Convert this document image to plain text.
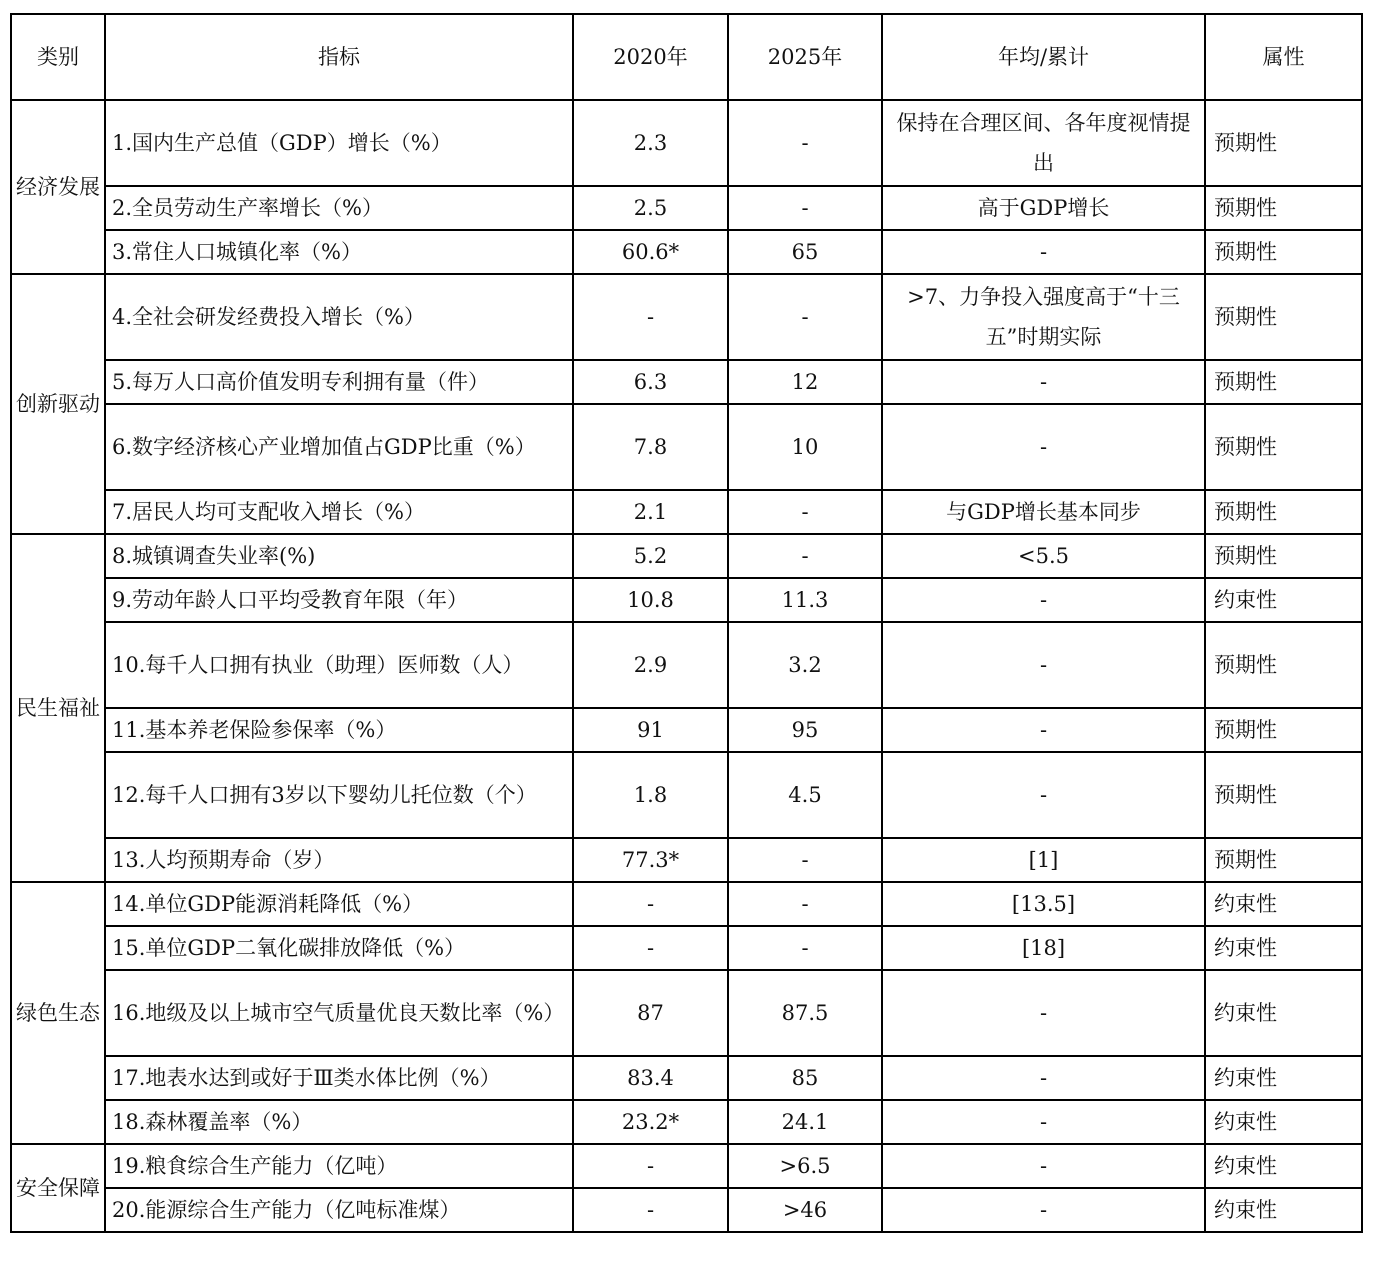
类别	指标	2020年	2025年	年均/累计	属性
经济发展	1.国内生产总值（GDP）增长（%）	2.3	-	保持在合理区间、各年度视情提出	预期性
	2.全员劳动生产率增长（%）	2.5	-	高于GDP增长	预期性
	3.常住人口城镇化率（%）	60.6*	65	-	预期性
创新驱动	4.全社会研发经费投入增长（%）	-	-	>7、力争投入强度高于“十三五”时期实际	预期性
	5.每万人口高价值发明专利拥有量（件）	6.3	12	-	预期性
	6.数字经济核心产业增加值占GDP比重（%）	7.8	10	-	预期性
	7.居民人均可支配收入增长（%）	2.1	-	与GDP增长基本同步	预期性
民生福祉	8.城镇调查失业率(%)	5.2	-	<5.5	预期性
	9.劳动年龄人口平均受教育年限（年）	10.8	11.3	-	约束性
	10.每千人口拥有执业（助理）医师数（人）	2.9	3.2	-	预期性
	11.基本养老保险参保率（%）	91	95	-	预期性
	12.每千人口拥有3岁以下婴幼儿托位数（个）	1.8	4.5	-	预期性
	13.人均预期寿命（岁）	77.3*	-	[1]	预期性
绿色生态	14.单位GDP能源消耗降低（%）	-	-	[13.5]	约束性
	15.单位GDP二氧化碳排放降低（%）	-	-	[18]	约束性
	16.地级及以上城市空气质量优良天数比率（%）	87	87.5	-	约束性
	17.地表水达到或好于Ⅲ类水体比例（%）	83.4	85	-	约束性
	18.森林覆盖率（%）	23.2*	24.1	-	约束性
安全保障	19.粮食综合生产能力（亿吨）	-	>6.5	-	约束性
	20.能源综合生产能力（亿吨标准煤）	-	>46	-	约束性
